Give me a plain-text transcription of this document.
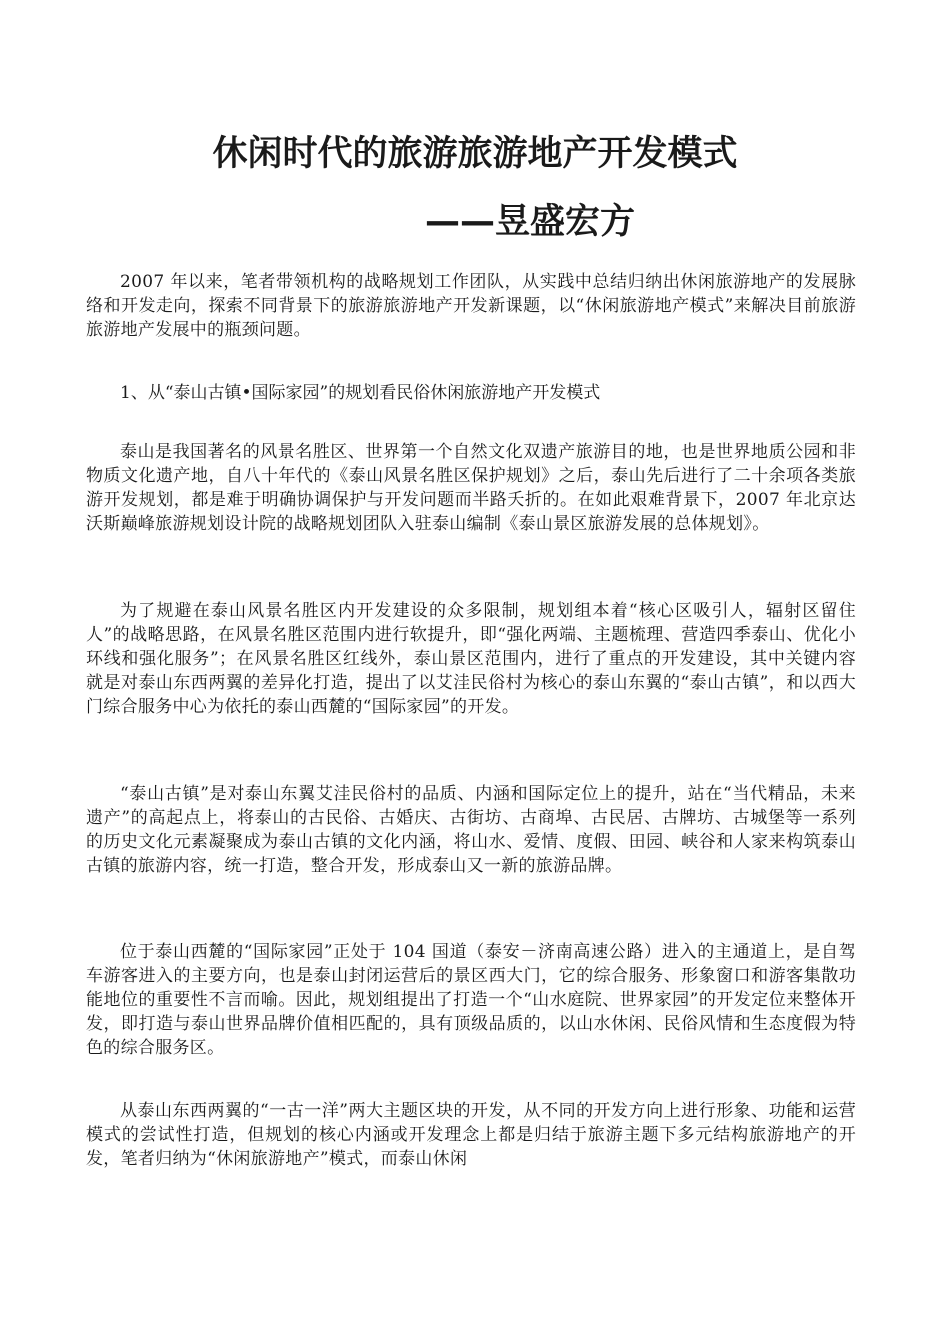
休闲时代的旅游旅游地产开发模式
——昱盛宏方

2007 年以来，笔者带领机构的战略规划工作团队，从实践中总结归纳出休闲旅游地产的发展脉络和开发走向，探索不同背景下的旅游旅游地产开发新课题，以“休闲旅游地产模式”来解决目前旅游旅游地产发展中的瓶颈问题。

1、从“泰山古镇•国际家园”的规划看民俗休闲旅游地产开发模式

泰山是我国著名的风景名胜区、世界第一个自然文化双遗产旅游目的地，也是世界地质公园和非物质文化遗产地，自八十年代的《泰山风景名胜区保护规划》之后，泰山先后进行了二十余项各类旅游开发规划，都是难于明确协调保护与开发问题而半路夭折的。在如此艰难背景下，2007 年北京达沃斯巅峰旅游规划设计院的战略规划团队入驻泰山编制《泰山景区旅游发展的总体规划》。

为了规避在泰山风景名胜区内开发建设的众多限制，规划组本着“核心区吸引人，辐射区留住人”的战略思路，在风景名胜区范围内进行软提升，即“强化两端、主题梳理、营造四季泰山、优化小环线和强化服务”；在风景名胜区红线外，泰山景区范围内，进行了重点的开发建设，其中关键内容就是对泰山东西两翼的差异化打造，提出了以艾洼民俗村为核心的泰山东翼的“泰山古镇”，和以西大门综合服务中心为依托的泰山西麓的“国际家园”的开发。

“泰山古镇”是对泰山东翼艾洼民俗村的品质、内涵和国际定位上的提升，站在“当代精品，未来遗产”的高起点上，将泰山的古民俗、古婚庆、古街坊、古商埠、古民居、古牌坊、古城堡等一系列的历史文化元素凝聚成为泰山古镇的文化内涵，将山水、爱情、度假、田园、峡谷和人家来构筑泰山古镇的旅游内容，统一打造，整合开发，形成泰山又一新的旅游品牌。

位于泰山西麓的“国际家园”正处于 104 国道（泰安－济南高速公路）进入的主通道上，是自驾车游客进入的主要方向，也是泰山封闭运营后的景区西大门，它的综合服务、形象窗口和游客集散功能地位的重要性不言而喻。因此，规划组提出了打造一个“山水庭院、世界家园”的开发定位来整体开发，即打造与泰山世界品牌价值相匹配的，具有顶级品质的，以山水休闲、民俗风情和生态度假为特色的综合服务区。

从泰山东西两翼的“一古一洋”两大主题区块的开发，从不同的开发方向上进行形象、功能和运营模式的尝试性打造，但规划的核心内涵或开发理念上都是归结于旅游主题下多元结构旅游地产的开发，笔者归纳为“休闲旅游地产”模式，而泰山休闲
